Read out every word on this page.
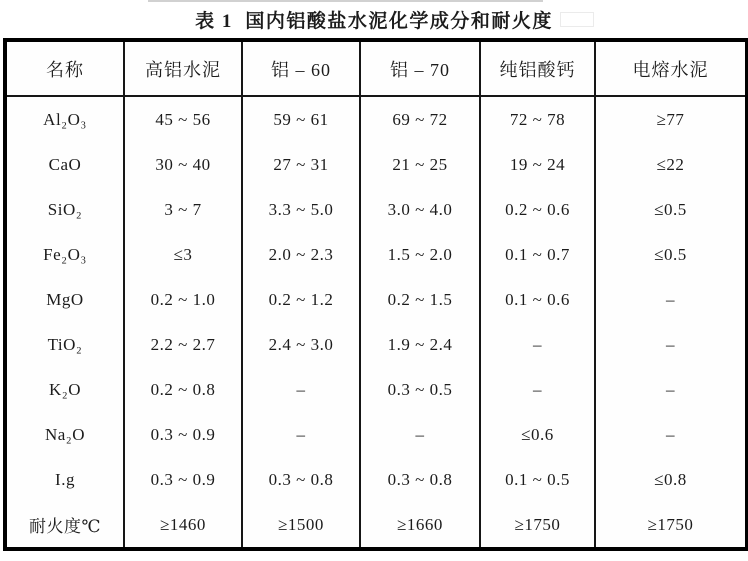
表 1  国内铝酸盐水泥化学成分和耐火度
名称	高铝水泥	铝 – 60	铝 – 70	纯铝酸钙	电熔水泥
Al₂O₃	45 ~ 56	59 ~ 61	69 ~ 72	72 ~ 78	≥77
CaO	30 ~ 40	27 ~ 31	21 ~ 25	19 ~ 24	≤22
SiO₂	3 ~ 7	3.3 ~ 5.0	3.0 ~ 4.0	0.2 ~ 0.6	≤0.5
Fe₂O₃	≤3	2.0 ~ 2.3	1.5 ~ 2.0	0.1 ~ 0.7	≤0.5
MgO	0.2 ~ 1.0	0.2 ~ 1.2	0.2 ~ 1.5	0.1 ~ 0.6	–
TiO₂	2.2 ~ 2.7	2.4 ~ 3.0	1.9 ~ 2.4	–	–
K₂O	0.2 ~ 0.8	–	0.3 ~ 0.5	–	–
Na₂O	0.3 ~ 0.9	–	–	≤0.6	–
I.g	0.3 ~ 0.9	0.3 ~ 0.8	0.3 ~ 0.8	0.1 ~ 0.5	≤0.8
耐火度℃	≥1460	≥1500	≥1660	≥1750	≥1750
